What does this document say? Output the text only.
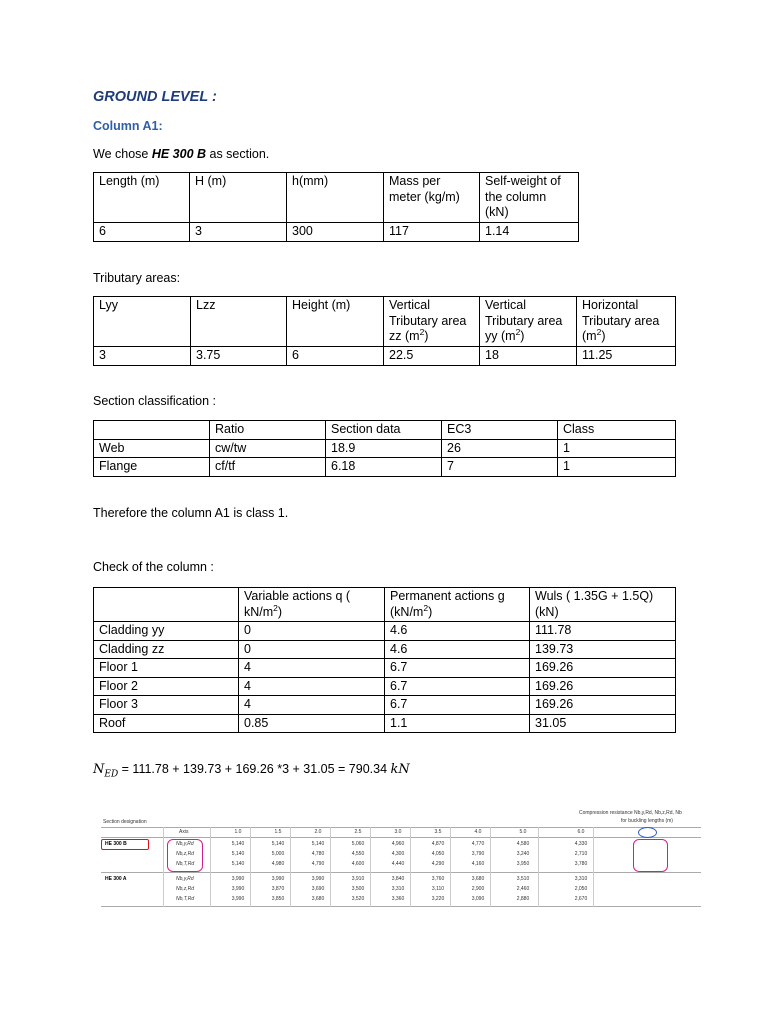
GROUND LEVEL :
Column A1:
We chose HE 300 B as section.
Length (m)	H (m)	h(mm)	Mass per meter (kg/m)	Self-weight of the column (kN)
6	3	300	117	1.14
Tributary areas:
Lyy	Lzz	Height (m)	Vertical Tributary area zz $(m^2)$	Vertical Tributary area yy $(m^2)$	Horizontal Tributary area $(m^2)$
3	3.75	6	22.5	18	11.25
Section classification :
	Ratio	Section data	EC3	Class
Web	cw/tw	18.9	26	1
Flange	cf/tf	6.18	7	1
Therefore the column A1 is class 1.
Check of the column :
	Variable actions q ( $kN/m^2$)	Permanent actions g $(kN/m^2)$	Wuls ( 1.35G + 1.5Q) (kN)
Cladding yy	0	4.6	111.78
Cladding zz	0	4.6	139.73
Floor 1	4	6.7	169.26
Floor 2	4	6.7	169.26
Floor 3	4	6.7	169.26
Roof	0.85	1.1	31.05
$N_{ED} = 111.78 + 139.73 + 169.26$ *3 + 31.05 = 790.34 kN
Compression resistance Nb,y,Rd, Nb,z,Rd, Nb
for buckling lengths (m)
Section designation
Axis	1.0	1.5	2.0	2.5	3.0	3.5	4.0	5.0	6.0
HE 300 B	Nb,y,Rd	5,140	5,140	5,140	5,060	4,960	4,870	4,770	4,580	4,330
Nb,z,Rd	5,140	5,000	4,780	4,550	4,300	4,050	3,790	3,240	2,710
Nb,T,Rd	5,140	4,980	4,790	4,600	4,440	4,290	4,160	3,950	3,780
HE 300 A	Nb,y,Rd	3,990	3,990	3,990	3,910	3,840	3,760	3,680	3,510	3,310
Nb,z,Rd	3,990	3,870	3,690	3,500	3,310	3,110	2,900	2,460	2,050
Nb,T,Rd	3,990	3,850	3,680	3,520	3,360	3,220	3,090	2,880	2,670
